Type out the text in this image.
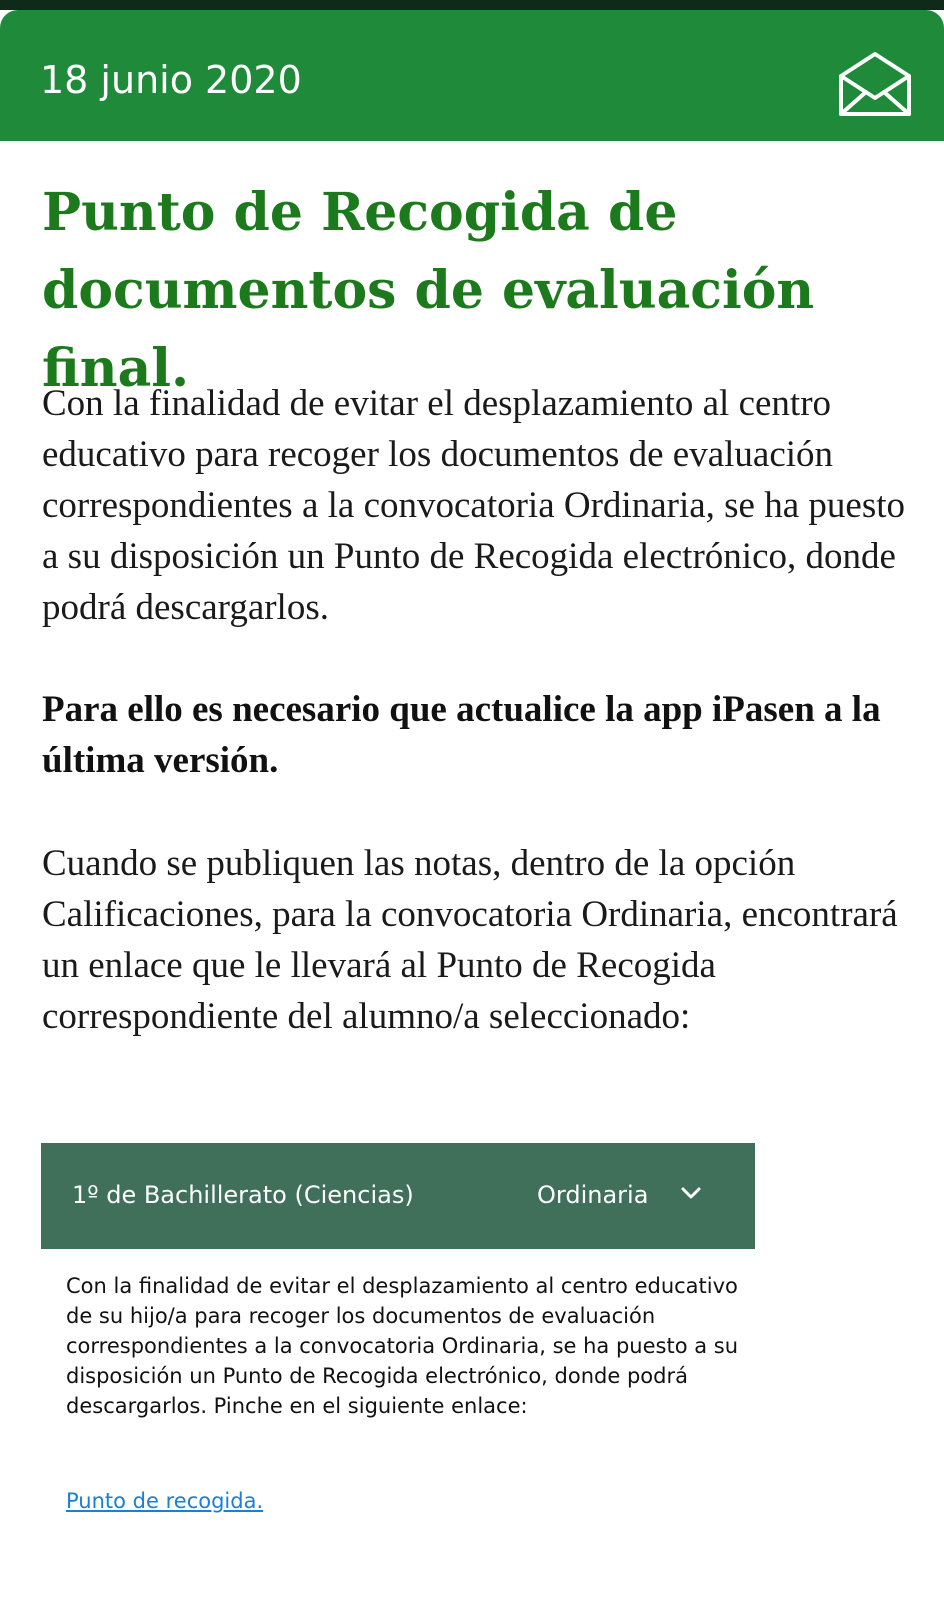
18 junio 2020
Punto de Recogida de documentos de evaluación final.

Con la finalidad de evitar el desplazamiento al centro educativo para recoger los documentos de evaluación correspondientes a la convocatoria Ordinaria, se ha puesto a su disposición un Punto de Recogida electrónico, donde podrá descargarlos.

Para ello es necesario que actualice la app iPasen a la última versión.

Cuando se publiquen las notas, dentro de la opción Calificaciones, para la convocatoria Ordinaria, encontrará un enlace que le llevará al Punto de Recogida correspondiente del alumno/a seleccionado:

1º de Bachillerato (Ciencias)	Ordinaria

Con la finalidad de evitar el desplazamiento al centro educativo de su hijo/a para recoger los documentos de evaluación correspondientes a la convocatoria Ordinaria, se ha puesto a su disposición un Punto de Recogida electrónico, donde podrá descargarlos. Pinche en el siguiente enlace:

Punto de recogida.
